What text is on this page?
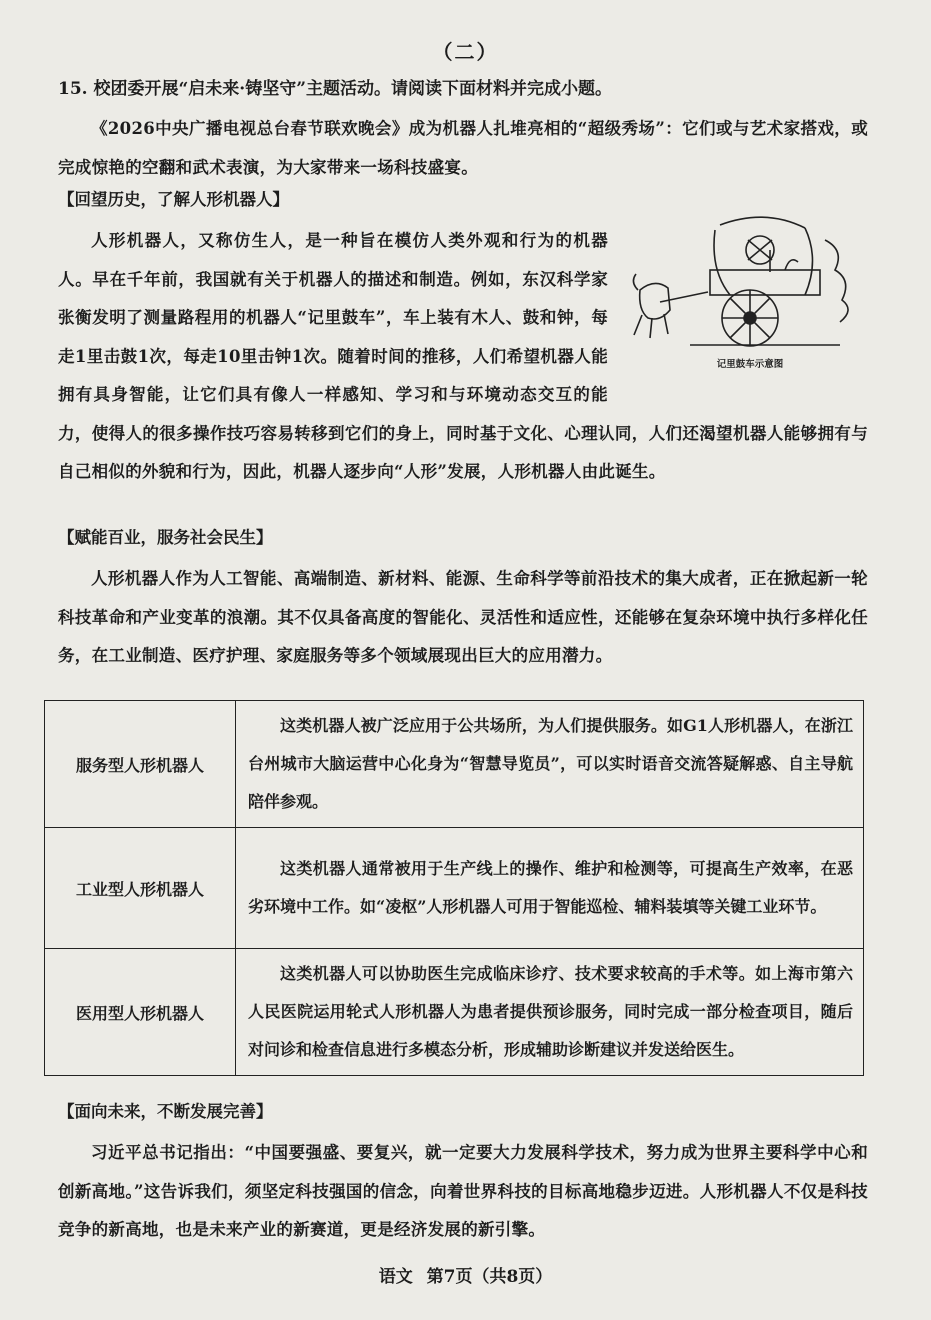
（二）
15. 校团委开展“启未来·铸坚守”主题活动。请阅读下面材料并完成小题。
《2026中央广播电视总台春节联欢晚会》成为机器人扎堆亮相的“超级秀场”：它们或与艺术家搭戏，或完成惊艳的空翻和武术表演，为大家带来一场科技盛宴。
【回望历史，了解人形机器人】
人形机器人，又称仿生人，是一种旨在模仿人类外观和行为的机器人。早在千年前，我国就有关于机器人的描述和制造。例如，东汉科学家张衡发明了测量路程用的机器人“记里鼓车”，车上装有木人、鼓和钟，每走1里击鼓1次，每走10里击钟1次。随着时间的推移，人们希望机器人能拥有具身智能，让它们具有像人一样感知、学习和与环境动态交互的能力，使得人的很多操作技巧容易转移到它们的身上，同时基于文化、心理认同，人们还渴望机器人能够拥有与自己相似的外貌和行为，因此，机器人逐步向“人形”发展，人形机器人由此诞生。
记里鼓车示意图
【赋能百业，服务社会民生】
人形机器人作为人工智能、高端制造、新材料、能源、生命科学等前沿技术的集大成者，正在掀起新一轮科技革命和产业变革的浪潮。其不仅具备高度的智能化、灵活性和适应性，还能够在复杂环境中执行多样化任务，在工业制造、医疗护理、家庭服务等多个领域展现出巨大的应用潜力。
服务型人形机器人	这类机器人被广泛应用于公共场所，为人们提供服务。如G1人形机器人，在浙江台州城市大脑运营中心化身为“智慧导览员”，可以实时语音交流答疑解惑、自主导航陪伴参观。
工业型人形机器人	这类机器人通常被用于生产线上的操作、维护和检测等，可提高生产效率，在恶劣环境中工作。如“凌枢”人形机器人可用于智能巡检、辅料装填等关键工业环节。
医用型人形机器人	这类机器人可以协助医生完成临床诊疗、技术要求较高的手术等。如上海市第六人民医院运用轮式人形机器人为患者提供预诊服务，同时完成一部分检查项目，随后对问诊和检查信息进行多模态分析，形成辅助诊断建议并发送给医生。
【面向未来，不断发展完善】
习近平总书记指出：“中国要强盛、要复兴，就一定要大力发展科学技术，努力成为世界主要科学中心和创新高地。”这告诉我们，须坚定科技强国的信念，向着世界科技的目标高地稳步迈进。人形机器人不仅是科技竞争的新高地，也是未来产业的新赛道，更是经济发展的新引擎。
语文 第7页（共8页）
